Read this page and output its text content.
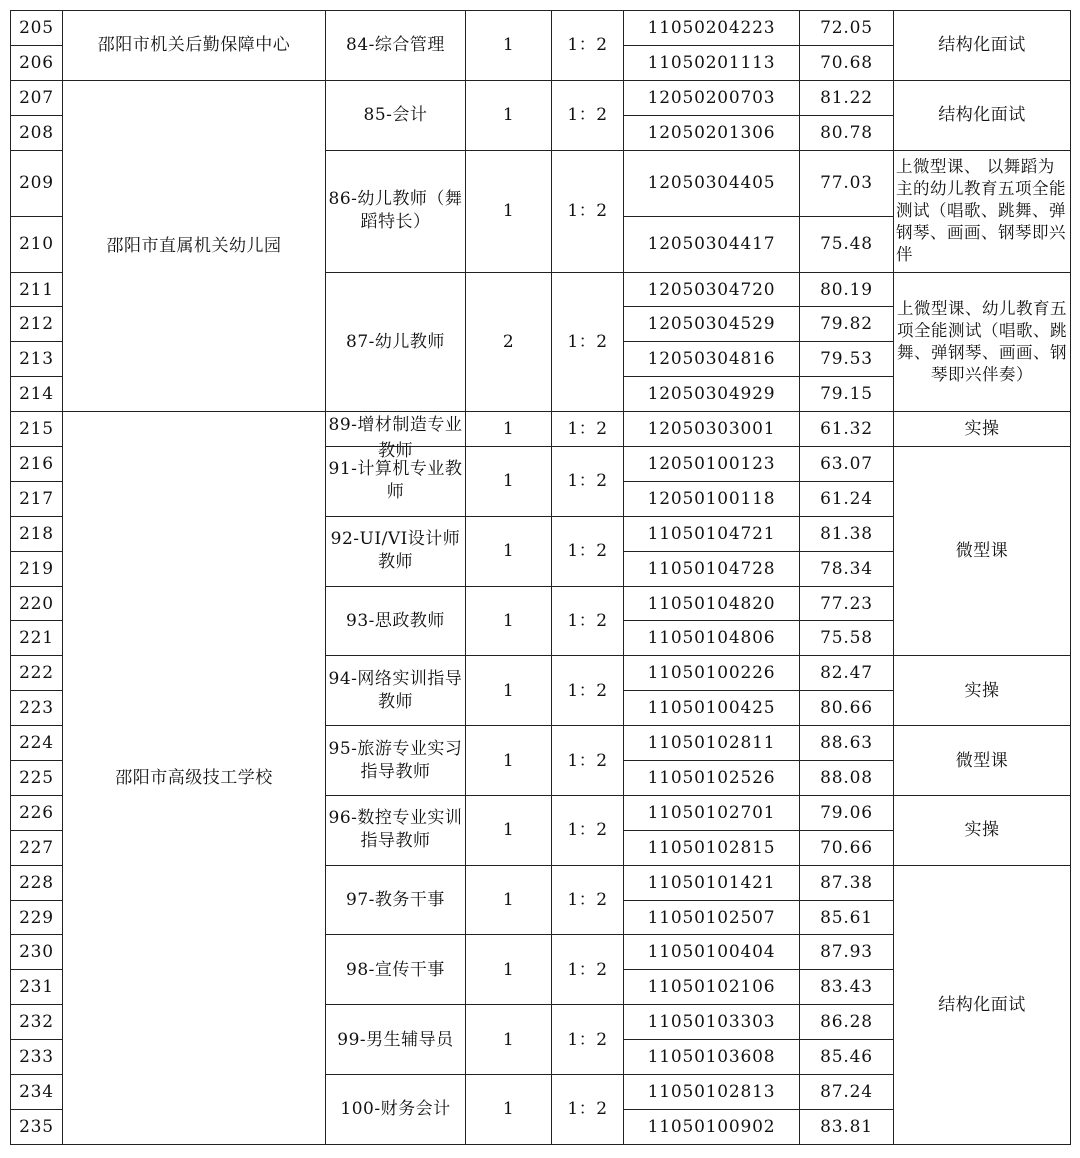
205	邵阳市机关后勤保障中心	84-综合管理	1	1：2	11050204223	72.05	结构化面试
206					11050201113	70.68	
207	邵阳市直属机关幼儿园	85-会计	1	1：2	12050200703	81.22	结构化面试
208					12050201306	80.78	
209		86-幼儿教师（舞蹈特长）	1	1：2	12050304405	77.03	上微型课、 以舞蹈为主的幼儿教育五项全能测试（唱歌、跳舞、弹钢琴、画画、钢琴即兴伴
210					12050304417	75.48	
211		87-幼儿教师	2	1：2	12050304720	80.19	上微型课、幼儿教育五项全能测试（唱歌、跳舞、弹钢琴、画画、钢琴即兴伴奏）
212					12050304529	79.82	
213					12050304816	79.53	
214					12050304929	79.15	
215	邵阳市高级技工学校	89-增材制造专业教师	1	1：2	12050303001	61.32	实操
216		91-计算机专业教师	1	1：2	12050100123	63.07	微型课
217					12050100118	61.24	
218		92-UI/VI设计师教师	1	1：2	11050104721	81.38	
219					11050104728	78.34	
220		93-思政教师	1	1：2	11050104820	77.23	
221					11050104806	75.58	
222		94-网络实训指导教师	1	1：2	11050100226	82.47	实操
223					11050100425	80.66	
224		95-旅游专业实习指导教师	1	1：2	11050102811	88.63	微型课
225					11050102526	88.08	
226		96-数控专业实训指导教师	1	1：2	11050102701	79.06	实操
227					11050102815	70.66	
228		97-教务干事	1	1：2	11050101421	87.38	结构化面试
229					11050102507	85.61	
230		98-宣传干事	1	1：2	11050100404	87.93	
231					11050102106	83.43	
232		99-男生辅导员	1	1：2	11050103303	86.28	
233					11050103608	85.46	
234		100-财务会计	1	1：2	11050102813	87.24	
235					11050100902	83.81	
